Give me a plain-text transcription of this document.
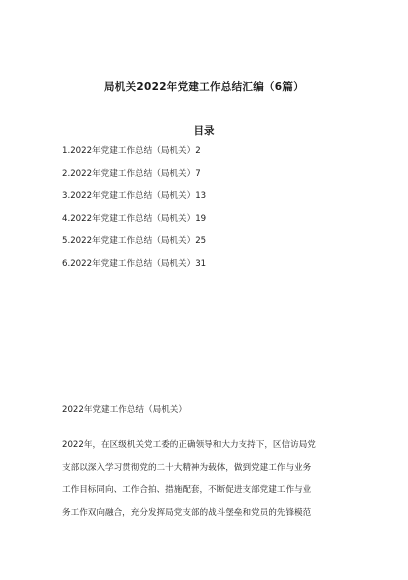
局机关2022年党建工作总结汇编（6篇）
目录
1.2022年党建工作总结（局机关）2
2.2022年党建工作总结（局机关）7
3.2022年党建工作总结（局机关）13
4.2022年党建工作总结（局机关）19
5.2022年党建工作总结（局机关）25
6.2022年党建工作总结（局机关）31
2022年党建工作总结（局机关）

2022年，在区级机关党工委的正确领导和大力支持下，区信访局党
支部以深入学习贯彻党的二十大精神为载体，做到党建工作与业务
工作目标同向、工作合拍、措施配套，不断促进支部党建工作与业
务工作双向融合，充分发挥局党支部的战斗堡垒和党员的先锋模范
